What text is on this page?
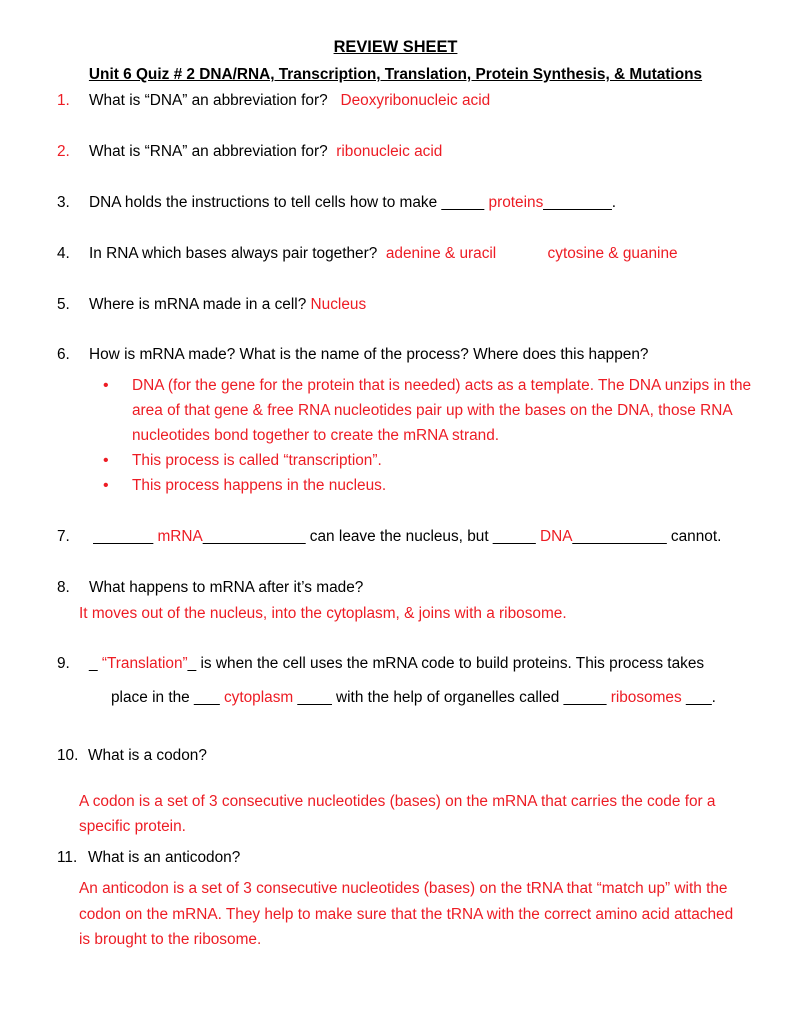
REVIEW SHEET
Unit 6 Quiz # 2 DNA/RNA, Transcription, Translation, Protein Synthesis, & Mutations
1.	What is “DNA” an abbreviation for? Deoxyribonucleic acid
2.	What is “RNA” an abbreviation for? ribonucleic acid
3.	DNA holds the instructions to tell cells how to make _____ proteins________.
4.	In RNA which bases always pair together? adenine & uracil	cytosine & guanine
5.	Where is mRNA made in a cell? Nucleus
6.	How is mRNA made? What is the name of the process? Where does this happen?
•	DNA (for the gene for the protein that is needed) acts as a template. The DNA unzips in the area of that gene & free RNA nucleotides pair up with the bases on the DNA, those RNA nucleotides bond together to create the mRNA strand.
•	This process is called “transcription”.
•	This process happens in the nucleus.
7.	_______ mRNA____________ can leave the nucleus, but _____ DNA___________ cannot.
8.	What happens to mRNA after it’s made?
It moves out of the nucleus, into the cytoplasm, & joins with a ribosome.
9.	_ “Translation”_ is when the cell uses the mRNA code to build proteins. This process takes
place in the ___ cytoplasm ____ with the help of organelles called _____ ribosomes ___.
10. What is a codon?
A codon is a set of 3 consecutive nucleotides (bases) on the mRNA that carries the code for a specific protein.
11. What is an anticodon?
An anticodon is a set of 3 consecutive nucleotides (bases) on the tRNA that “match up” with the codon on the mRNA. They help to make sure that the tRNA with the correct amino acid attached is brought to the ribosome.
